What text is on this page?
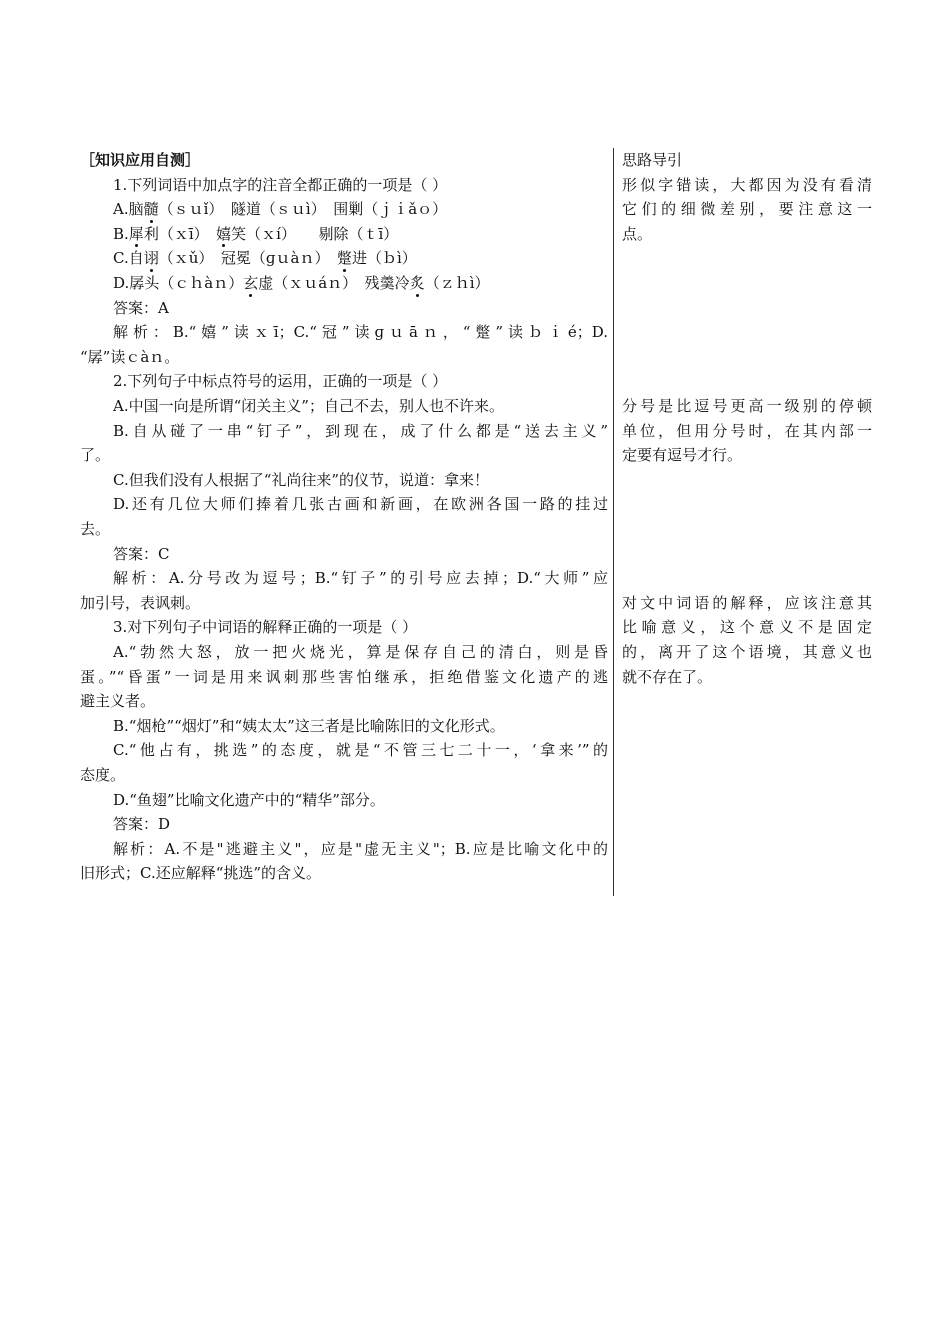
［知识应用自测］
1.下列词语中加点字的注音全都正确的一项是（ ）
A.脑髓（ｓｕǐ）　隧道（ｓｕì）　围剿（ｊｉǎｏ）
B.犀利（ｘī）　嬉笑（ｘí）　　剔除（ｔī）
C.自诩（ｘǔ）　冠冕（ɡｕàｎ）　蹩进（ｂì）
D.孱头（ｃｈàｎ）玄虚（ｘｕáｎ）　残羹冷炙（ｚｈì）
答案：A
解析：B.“嬉”读ｘī；C.“冠”读ɡｕāｎ，“蹩”读ｂｉé；D.
“孱”读ｃàｎ。
2.下列句子中标点符号的运用，正确的一项是（ ）
A.中国一向是所谓“闭关主义”；自己不去，别人也不许来。
B.自从碰了一串“钉子”，到现在，成了什么都是“送去主义”
了。
C.但我们没有人根据了“礼尚往来”的仪节，说道：拿来！
D.还有几位大师们捧着几张古画和新画，在欧洲各国一路的挂过
去。
答案：C
解析：A.分号改为逗号；B.“钉子”的引号应去掉；D.“大师”应
加引号，表讽刺。
3.对下列句子中词语的解释正确的一项是（ ）
A.“勃然大怒，放一把火烧光，算是保存自己的清白，则是昏
蛋。”“昏蛋”一词是用来讽刺那些害怕继承，拒绝借鉴文化遗产的逃
避主义者。
B.“烟枪”“烟灯”和“姨太太”这三者是比喻陈旧的文化形式。
C.“他占有，挑选”的态度，就是“不管三七二十一，‘拿来’”的
态度。
D.“鱼翅”比喻文化遗产中的“精华”部分。
答案：D
解析：A.不是"逃避主义"，应是"虚无主义"；B.应是比喻文化中的
旧形式；C.还应解释“挑选”的含义。
思路导引
形似字错读，大都因为没有看清
它们的细微差别，要注意这一
点。
分号是比逗号更高一级别的停顿
单位，但用分号时，在其内部一
定要有逗号才行。
对文中词语的解释，应该注意其
比喻意义，这个意义不是固定
的，离开了这个语境，其意义也
就不存在了。
